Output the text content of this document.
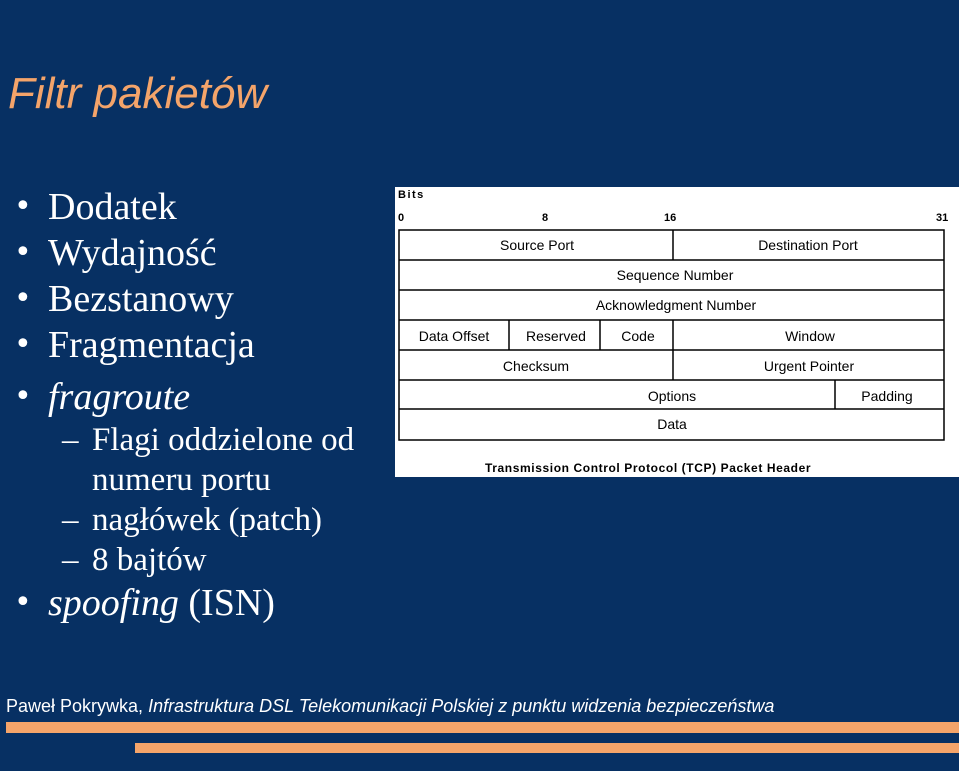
Filtr pakietów
• Dodatek
• Wydajność
• Bezstanowy
• Fragmentacja
• fragroute
– Flagi oddzielone od
numeru portu
– nagłówek (patch)
– 8 bajtów
• spoofing (ISN)
Bits
0	8	16	31
Source Port	Destination Port
Sequence Number
Acknowledgment Number
Data Offset	Reserved	Code	Window
Checksum	Urgent Pointer
Options	Padding
Data
Transmission Control Protocol (TCP) Packet Header
Paweł Pokrywka, Infrastruktura DSL Telekomunikacji Polskiej z punktu widzenia bezpieczeństwa
